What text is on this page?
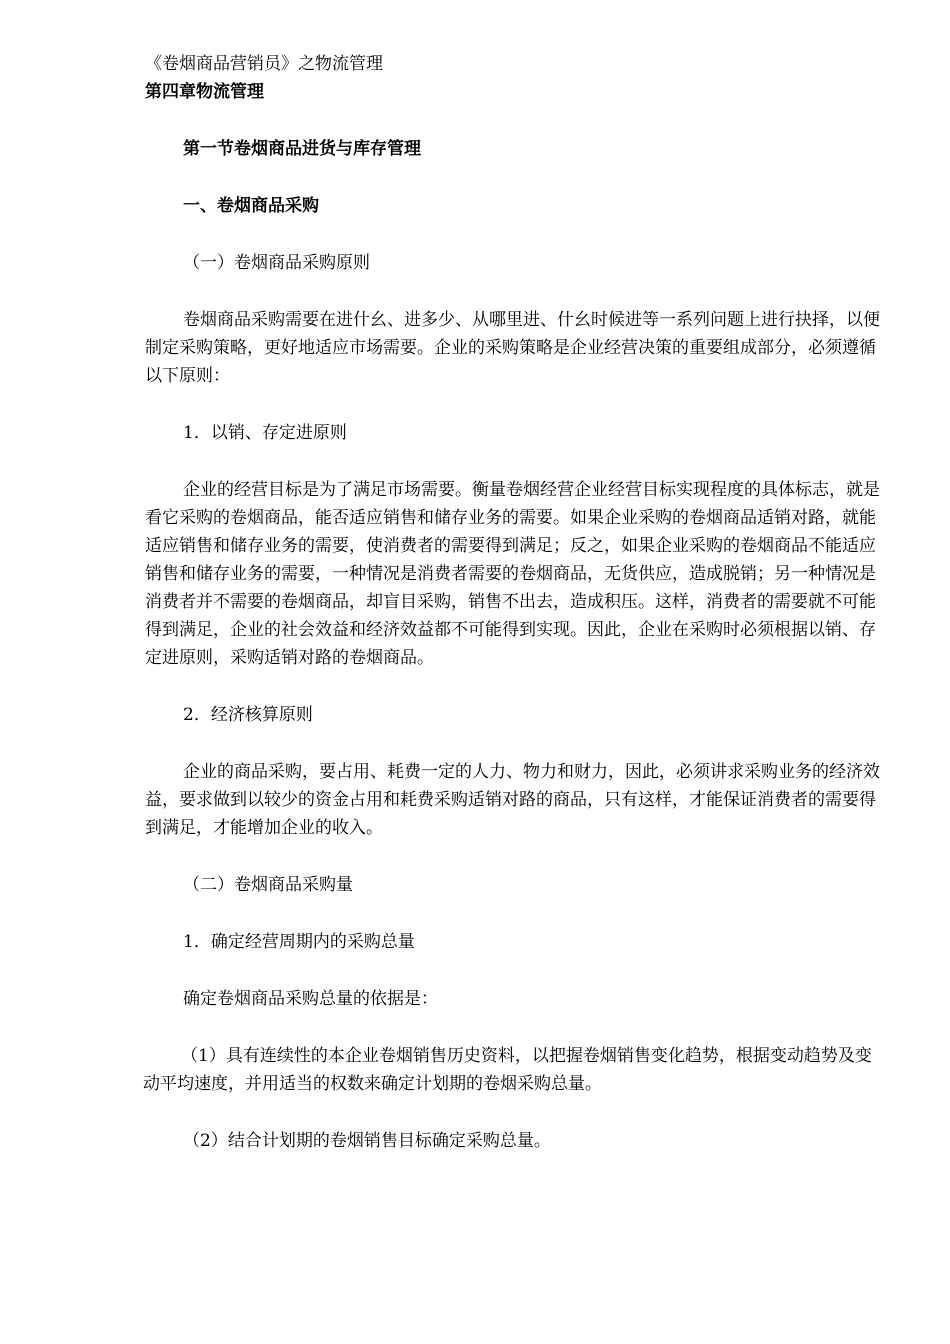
《卷烟商品营销员》之物流管理

第四章物流管理

第一节卷烟商品进货与库存管理

一、卷烟商品采购

（一）卷烟商品采购原则

卷烟商品采购需要在进什幺、进多少、从哪里进、什幺时候进等一系列问题上进行抉择，以便制定采购策略，更好地适应市场需要。企业的采购策略是企业经营决策的重要组成部分，必须遵循以下原则：

1．以销、存定进原则

企业的经营目标是为了满足市场需要。衡量卷烟经营企业经营目标实现程度的具体标志，就是看它采购的卷烟商品，能否适应销售和储存业务的需要。如果企业采购的卷烟商品适销对路，就能适应销售和储存业务的需要，使消费者的需要得到满足；反之，如果企业采购的卷烟商品不能适应销售和储存业务的需要，一种情况是消费者需要的卷烟商品，无货供应，造成脱销；另一种情况是消费者并不需要的卷烟商品，却盲目采购，销售不出去，造成积压。这样，消费者的需要就不可能得到满足，企业的社会效益和经济效益都不可能得到实现。因此，企业在采购时必须根据以销、存定进原则，采购适销对路的卷烟商品。

2．经济核算原则

企业的商品采购，要占用、耗费一定的人力、物力和财力，因此，必须讲求采购业务的经济效益，要求做到以较少的资金占用和耗费采购适销对路的商品，只有这样，才能保证消费者的需要得到满足，才能增加企业的收入。

（二）卷烟商品采购量

1．确定经营周期内的采购总量

确定卷烟商品采购总量的依据是：

（1）具有连续性的本企业卷烟销售历史资料，以把握卷烟销售变化趋势，根据变动趋势及变动平均速度，并用适当的权数来确定计划期的卷烟采购总量。

（2）结合计划期的卷烟销售目标确定采购总量。
